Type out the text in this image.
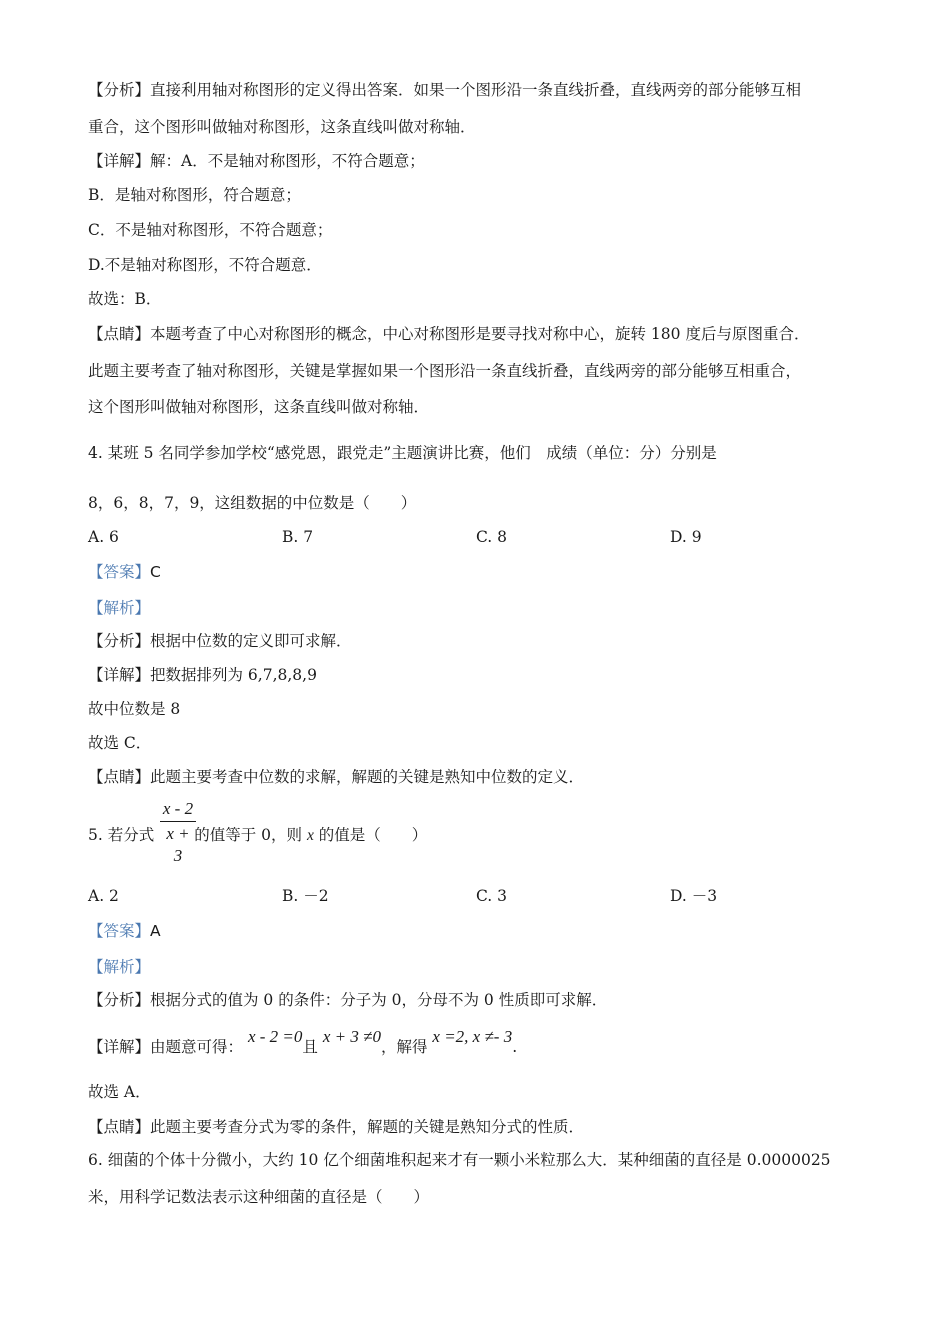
【分析】直接利用轴对称图形的定义得出答案．如果一个图形沿一条直线折叠，直线两旁的部分能够互相
重合，这个图形叫做轴对称图形，这条直线叫做对称轴．
【详解】解：A．不是轴对称图形，不符合题意；
B．是轴对称图形，符合题意；
C．不是轴对称图形，不符合题意；
D.不是轴对称图形，不符合题意．
故选：B．
【点睛】本题考查了中心对称图形的概念，中心对称图形是要寻找对称中心，旋转 180 度后与原图重合．
此题主要考查了轴对称图形，关键是掌握如果一个图形沿一条直线折叠，直线两旁的部分能够互相重合，
这个图形叫做轴对称图形，这条直线叫做对称轴．
4. 某班 5 名同学参加学校“感党恩，跟党走”主题演讲比赛，他们　成绩（单位：分）分别是
8，6，8，7，9，这组数据的中位数是（　　）
A. 6	B. 7	C. 8	D. 9
【答案】C
【解析】
【分析】根据中位数的定义即可求解．
【详解】把数据排列为 6,7,8,8,9
故中位数是 8
故选 C．
【点睛】此题主要考查中位数的求解，解题的关键是熟知中位数的定义．
x - 2
x + 3
5. 若分式	的值等于 0，则 x 的值是（　　）
A. 2	B. －2	C. 3	D. －3
【答案】A
【解析】
【分析】根据分式的值为 0 的条件：分子为 0，分母不为 0 性质即可求解．
【详解】由题意可得： x - 2 =0且 x + 3 ≠0，解得 x =2, x ≠- 3.
故选 A．
【点睛】此题主要考查分式为零的条件，解题的关键是熟知分式的性质．
6. 细菌的个体十分微小，大约 10 亿个细菌堆积起来才有一颗小米粒那么大．某种细菌的直径是 0.0000025
米，用科学记数法表示这种细菌的直径是（　　）
